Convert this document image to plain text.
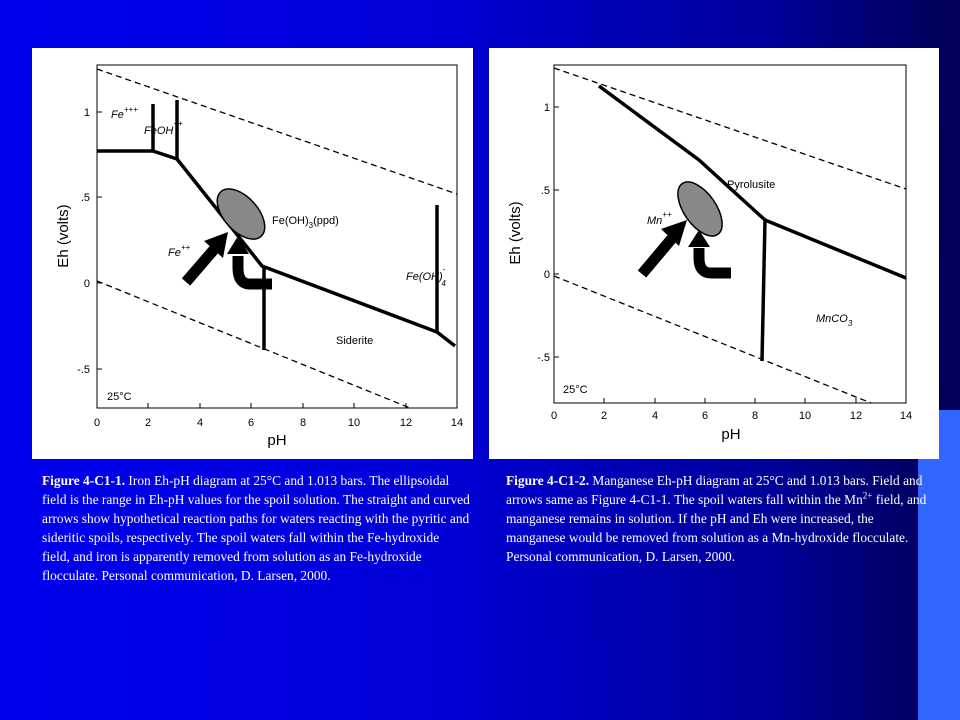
0	2	4	6	8	10	12	14
1
.5
0
-.5
pH
Eh (volts)
Fe+++
FeOH++
$Fe(OH)_3(ppd)$
Fe++
Fe(OH)-4
Siderite
25°C
0	2	4	6	8	10	12	14
1
.5
0
-.5
pH
Eh (volts)	Mn++
Pyrolusite
MnCO$_3$
25°C
Figure 4-C1-1. Iron Eh-pH diagram at 25°C and 1.013 bars. The ellipsoidal field is the range in Eh-pH values for the spoil solution. The straight and curved arrows show hypothetical reaction paths for waters reacting with the pyritic and sideritic spoils, respectively. The spoil waters fall within the Fe-hydroxide field, and iron is apparently removed from solution as an Fe-hydroxide flocculate. Personal communication, D. Larsen, 2000.
Figure 4-C1-2. Manganese Eh-pH diagram at 25°C and 1.013 bars. Field and arrows same as Figure 4-C1-1. The spoil waters fall within the $Mn^{2+}$ field, and manganese remains in solution. If the pH and Eh were increased, the manganese would be removed from solution as a Mn-hydroxide flocculate. Personal communication, D. Larsen, 2000.
